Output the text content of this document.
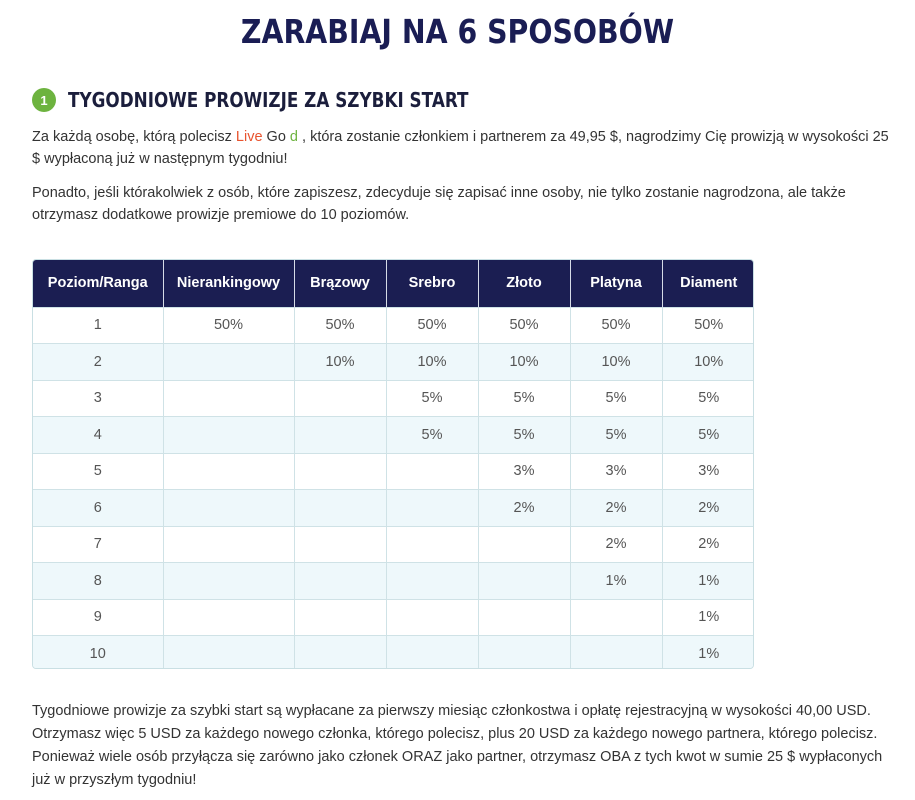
ZARABIAJ NA 6 SPOSOBÓW
1	TYGODNIOWE PROWIZJE ZA SZYBKI START

Za każdą osobę, którą polecisz Live Go d , która zostanie członkiem i partnerem za 49,95 $, nagrodzimy Cię prowizją w wysokości 25 $ wypłaconą już w następnym tygodniu!

Ponadto, jeśli którakolwiek z osób, które zapiszesz, zdecyduje się zapisać inne osoby, nie tylko zostanie nagrodzona, ale także otrzymasz dodatkowe prowizje premiowe do 10 poziomów.

Poziom/Ranga	Nierankingowy	Brązowy	Srebro	Złoto	Platyna	Diament
1	50%	50%	50%	50%	50%	50%
2		10%	10%	10%	10%	10%
3			5%	5%	5%	5%
4			5%	5%	5%	5%
5				3%	3%	3%
6				2%	2%	2%
7					2%	2%
8					1%	1%
9						1%
10						1%

Tygodniowe prowizje za szybki start są wypłacane za pierwszy miesiąc członkostwa i opłatę rejestracyjną w wysokości 40,00 USD. Otrzymasz więc 5 USD za każdego nowego członka, którego polecisz, plus 20 USD za każdego nowego partnera, którego polecisz. Ponieważ wiele osób przyłącza się zarówno jako członek ORAZ jako partner, otrzymasz OBA z tych kwot w sumie 25 $ wypłaconych już w przyszłym tygodniu!
